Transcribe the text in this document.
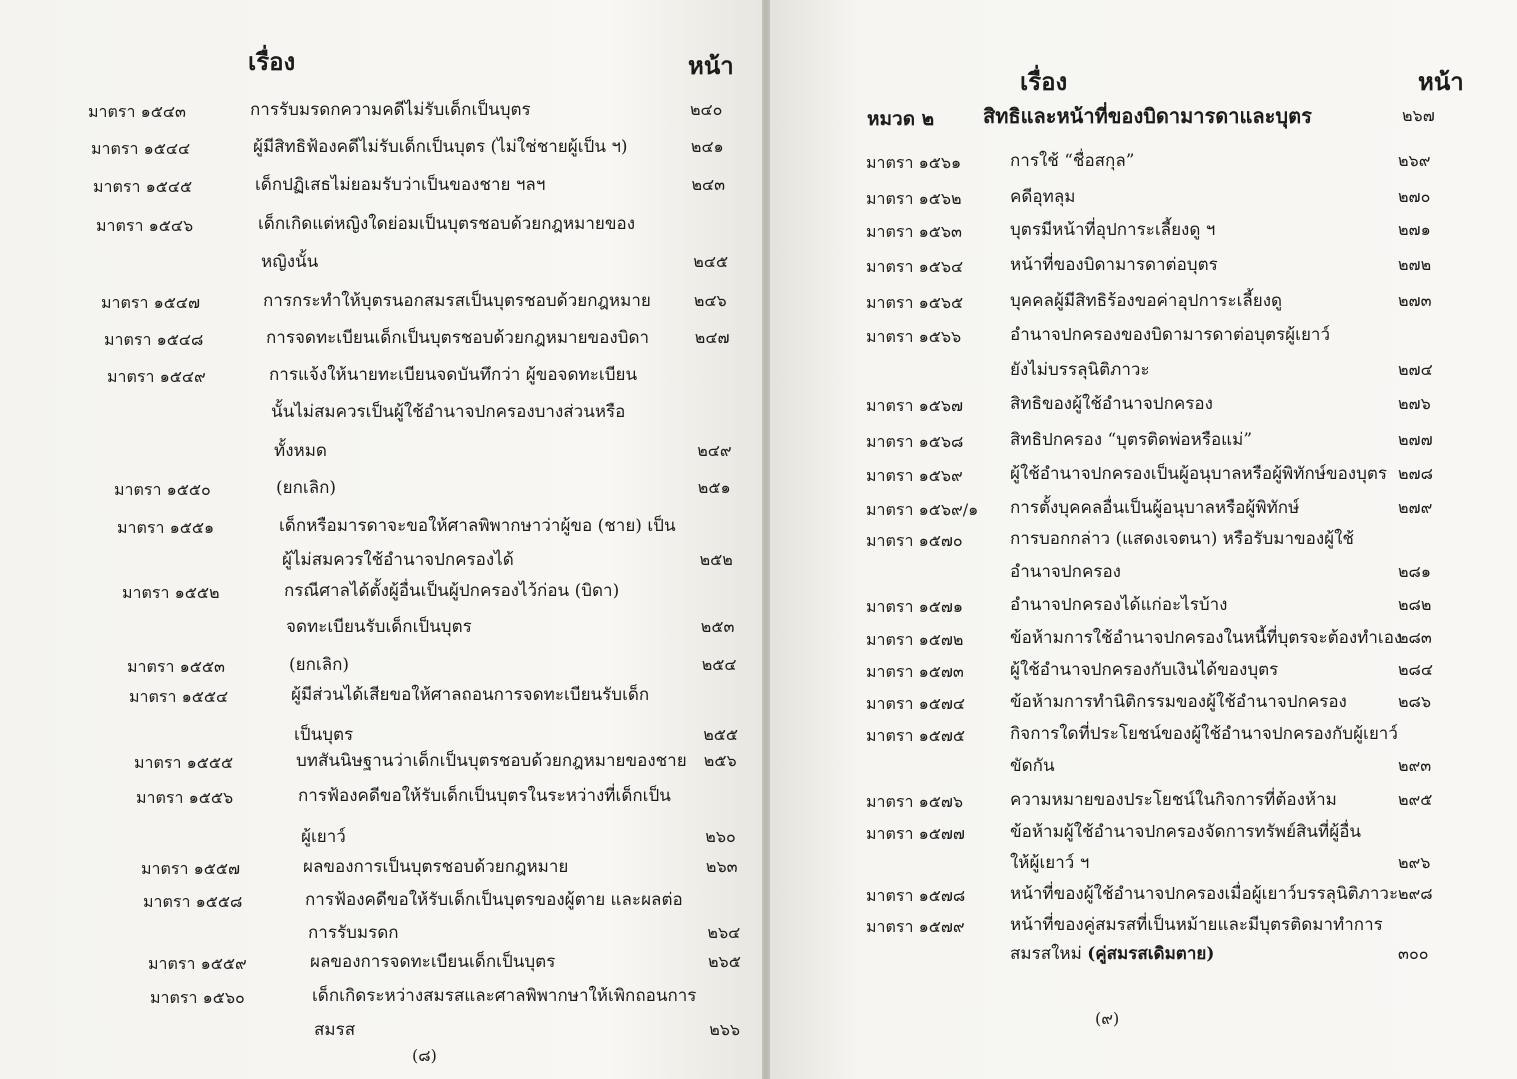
เรื่อง	หน้า
มาตรา ๑๕๔๓	การรับมรดกความคดีไม่รับเด็กเป็นบุตร	๒๔๐
มาตรา ๑๕๔๔	ผู้มีสิทธิฟ้องคดีไม่รับเด็กเป็นบุตร (ไม่ใช่ชายผู้เป็น ฯ)	๒๔๑
มาตรา ๑๕๔๕	เด็กปฏิเสธไม่ยอมรับว่าเป็นของชาย ฯลฯ	๒๔๓
มาตรา ๑๕๔๖	เด็กเกิดแต่หญิงใดย่อมเป็นบุตรชอบด้วยกฎหมายของ
หญิงนั้น	๒๔๕
มาตรา ๑๕๔๗	การกระทำให้บุตรนอกสมรสเป็นบุตรชอบด้วยกฎหมาย	๒๔๖
มาตรา ๑๕๔๘	การจดทะเบียนเด็กเป็นบุตรชอบด้วยกฎหมายของบิดา	๒๔๗
มาตรา ๑๕๔๙	การแจ้งให้นายทะเบียนจดบันทึกว่า ผู้ขอจดทะเบียน
นั้นไม่สมควรเป็นผู้ใช้อำนาจปกครองบางส่วนหรือ
ทั้งหมด	๒๔๙
มาตรา ๑๕๕๐	(ยกเลิก)	๒๕๑
มาตรา ๑๕๕๑	เด็กหรือมารดาจะขอให้ศาลพิพากษาว่าผู้ขอ (ชาย) เป็น
ผู้ไม่สมควรใช้อำนาจปกครองได้	๒๕๒
มาตรา ๑๕๕๒	กรณีศาลได้ตั้งผู้อื่นเป็นผู้ปกครองไว้ก่อน (บิดา)
จดทะเบียนรับเด็กเป็นบุตร	๒๕๓
มาตรา ๑๕๕๓	(ยกเลิก)	๒๕๔
มาตรา ๑๕๕๔	ผู้มีส่วนได้เสียขอให้ศาลถอนการจดทะเบียนรับเด็ก
เป็นบุตร	๒๕๕
มาตรา ๑๕๕๕	บทสันนิษฐานว่าเด็กเป็นบุตรชอบด้วยกฎหมายของชาย ๒๕๖
มาตรา ๑๕๕๖	การฟ้องคดีขอให้รับเด็กเป็นบุตรในระหว่างที่เด็กเป็น
ผู้เยาว์	๒๖๐
มาตรา ๑๕๕๗	ผลของการเป็นบุตรชอบด้วยกฎหมาย	๒๖๓
มาตรา ๑๕๕๘	การฟ้องคดีขอให้รับเด็กเป็นบุตรของผู้ตาย และผลต่อ
การรับมรดก	๒๖๔
มาตรา ๑๕๕๙	ผลของการจดทะเบียนเด็กเป็นบุตร	๒๖๕
มาตรา ๑๕๖๐	เด็กเกิดระหว่างสมรสและศาลพิพากษาให้เพิกถอนการ
สมรส	๒๖๖
(๘)
เรื่อง	หน้า
หมวด ๒ สิทธิและหน้าที่ของบิดามารดาและบุตร	๒๖๗
มาตรา ๑๕๖๑	การใช้ “ชื่อสกุล”	๒๖๙
มาตรา ๑๕๖๒	คดีอุทลุม	๒๗๐
มาตรา ๑๕๖๓	บุตรมีหน้าที่อุปการะเลี้ยงดู ฯ	๒๗๑
มาตรา ๑๕๖๔	หน้าที่ของบิดามารดาต่อบุตร	๒๗๒
มาตรา ๑๕๖๕	บุคคลผู้มีสิทธิร้องขอค่าอุปการะเลี้ยงดู	๒๗๓
มาตรา ๑๕๖๖	อำนาจปกครองของบิดามารดาต่อบุตรผู้เยาว์
ยังไม่บรรลุนิติภาวะ	๒๗๔
มาตรา ๑๕๖๗	สิทธิของผู้ใช้อำนาจปกครอง	๒๗๖
มาตรา ๑๕๖๘	สิทธิปกครอง “บุตรติดพ่อหรือแม่”	๒๗๗
มาตรา ๑๕๖๙	ผู้ใช้อำนาจปกครองเป็นผู้อนุบาลหรือผู้พิทักษ์ของบุตร ๒๗๘
มาตรา ๑๕๖๙/๑ การตั้งบุคคลอื่นเป็นผู้อนุบาลหรือผู้พิทักษ์	๒๗๙
มาตรา ๑๕๗๐	การบอกกล่าว (แสดงเจตนา) หรือรับมาของผู้ใช้
อำนาจปกครอง	๒๘๑
มาตรา ๑๕๗๑	อำนาจปกครองได้แก่อะไรบ้าง	๒๘๒
มาตรา ๑๕๗๒	ข้อห้ามการใช้อำนาจปกครองในหนี้ที่บุตรจะต้องทำเอง
๒๘๓
มาตรา ๑๕๗๓	ผู้ใช้อำนาจปกครองกับเงินได้ของบุตร	๒๘๔
มาตรา ๑๕๗๔	ข้อห้ามการทำนิติกรรมของผู้ใช้อำนาจปกครอง	๒๘๖
มาตรา ๑๕๗๕	กิจการใดที่ประโยชน์ของผู้ใช้อำนาจปกครองกับผู้เยาว์
ขัดกัน	๒๙๓
มาตรา ๑๕๗๖	ความหมายของประโยชน์ในกิจการที่ต้องห้าม	๒๙๕
มาตรา ๑๕๗๗	ข้อห้ามผู้ใช้อำนาจปกครองจัดการทรัพย์สินที่ผู้อื่น
ให้ผู้เยาว์ ฯ	๒๙๖
มาตรา ๑๕๗๘	หน้าที่ของผู้ใช้อำนาจปกครองเมื่อผู้เยาว์บรรลุนิติภาวะ ๒๙๘
มาตรา ๑๕๗๙	หน้าที่ของคู่สมรสที่เป็นหม้ายและมีบุตรติดมาทำการ
สมรสใหม่ (คู่สมรสเดิมตาย)	๓๐๐
(๙)
